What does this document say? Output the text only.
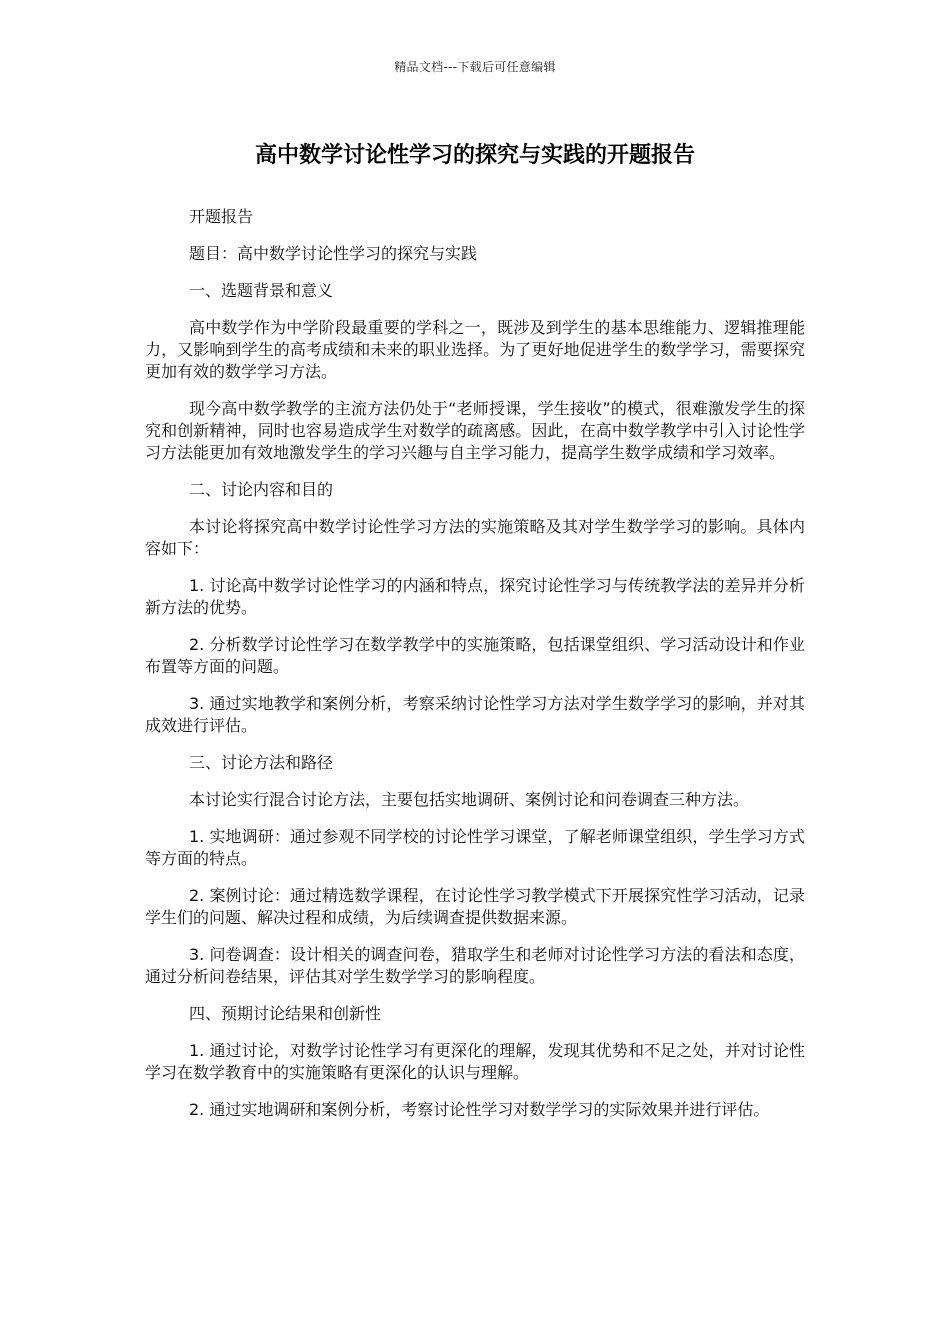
精品文档---下载后可任意编辑
高中数学讨论性学习的探究与实践的开题报告

开题报告

题目：高中数学讨论性学习的探究与实践

一、选题背景和意义

高中数学作为中学阶段最重要的学科之一，既涉及到学生的基本思维能力、逻辑推理能力，又影响到学生的高考成绩和未来的职业选择。为了更好地促进学生的数学学习，需要探究更加有效的数学学习方法。

现今高中数学教学的主流方法仍处于“老师授课，学生接收”的模式，很难激发学生的探究和创新精神，同时也容易造成学生对数学的疏离感。因此，在高中数学教学中引入讨论性学习方法能更加有效地激发学生的学习兴趣与自主学习能力，提高学生数学成绩和学习效率。

二、讨论内容和目的

本讨论将探究高中数学讨论性学习方法的实施策略及其对学生数学学习的影响。具体内容如下：

1. 讨论高中数学讨论性学习的内涵和特点，探究讨论性学习与传统教学法的差异并分析新方法的优势。

2. 分析数学讨论性学习在数学教学中的实施策略，包括课堂组织、学习活动设计和作业布置等方面的问题。

3. 通过实地教学和案例分析，考察采纳讨论性学习方法对学生数学学习的影响，并对其成效进行评估。

三、讨论方法和路径

本讨论实行混合讨论方法，主要包括实地调研、案例讨论和问卷调查三种方法。

1. 实地调研：通过参观不同学校的讨论性学习课堂，了解老师课堂组织，学生学习方式等方面的特点。

2. 案例讨论：通过精选数学课程，在讨论性学习教学模式下开展探究性学习活动，记录学生们的问题、解决过程和成绩，为后续调查提供数据来源。

3. 问卷调查：设计相关的调查问卷，猎取学生和老师对讨论性学习方法的看法和态度，通过分析问卷结果，评估其对学生数学学习的影响程度。

四、预期讨论结果和创新性

1. 通过讨论，对数学讨论性学习有更深化的理解，发现其优势和不足之处，并对讨论性学习在数学教育中的实施策略有更深化的认识与理解。

2. 通过实地调研和案例分析，考察讨论性学习对数学学习的实际效果并进行评估。
